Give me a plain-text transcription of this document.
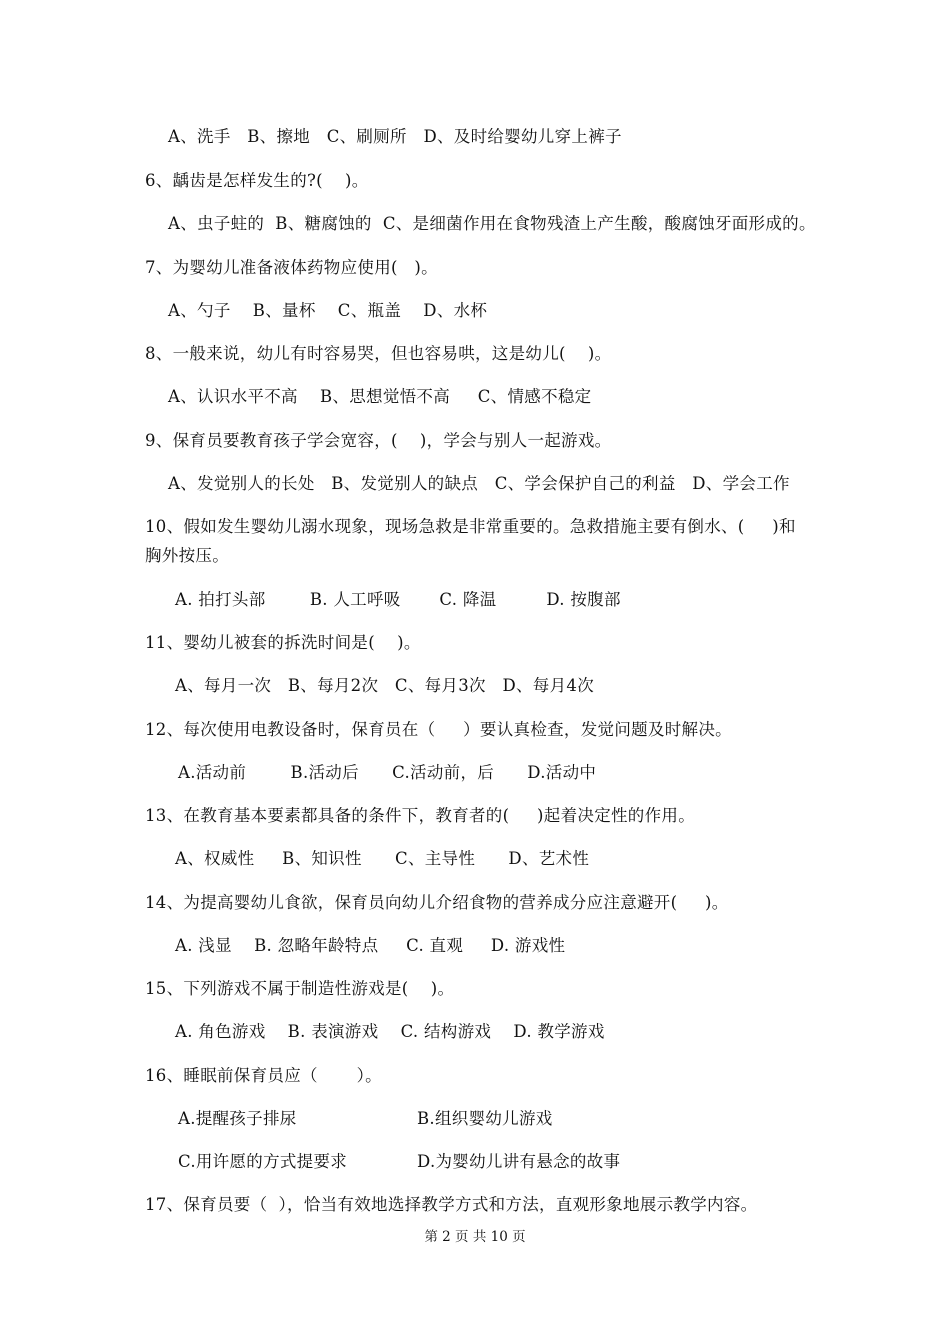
A、洗手   B、擦地   C、刷厕所   D、及时给婴幼儿穿上裤子
6、龋齿是怎样发生的?(    )。
A、虫子蛀的  B、糖腐蚀的  C、是细菌作用在食物残渣上产生酸，酸腐蚀牙面形成的。
7、为婴幼儿准备液体药物应使用(   )。
A、勺子    B、量杯    C、瓶盖    D、水杯
8、一般来说，幼儿有时容易哭，但也容易哄，这是幼儿(    )。
A、认识水平不高    B、思想觉悟不高     C、情感不稳定
9、保育员要教育孩子学会宽容，(    )，学会与别人一起游戏。
A、发觉别人的长处   B、发觉别人的缺点   C、学会保护自己的利益   D、学会工作
10、假如发生婴幼儿溺水现象，现场急救是非常重要的。急救措施主要有倒水、(     )和
胸外按压。
A. 拍打头部        B. 人工呼吸       C. 降温         D. 按腹部
11、婴幼儿被套的拆洗时间是(    )。
A、每月一次   B、每月2次   C、每月3次   D、每月4次
12、每次使用电教设备时，保育员在（     ）要认真检查，发觉问题及时解决。
A.活动前        B.活动后      C.活动前，后      D.活动中
13、在教育基本要素都具备的条件下，教育者的(     )起着决定性的作用。
A、权威性     B、知识性      C、主导性      D、艺术性
14、为提高婴幼儿食欲，保育员向幼儿介绍食物的营养成分应注意避开(     )。
A. 浅显    B. 忽略年龄特点     C. 直观     D. 游戏性
15、下列游戏不属于制造性游戏是(    )。
A. 角色游戏    B. 表演游戏    C. 结构游戏    D. 教学游戏
16、睡眠前保育员应（       ）。
A.提醒孩子排尿	B.组织婴幼儿游戏
C.用许愿的方式提要求	D.为婴幼儿讲有悬念的故事
17、保育员要（  ），恰当有效地选择教学方式和方法，直观形象地展示教学内容。
第 2 页 共 10 页
